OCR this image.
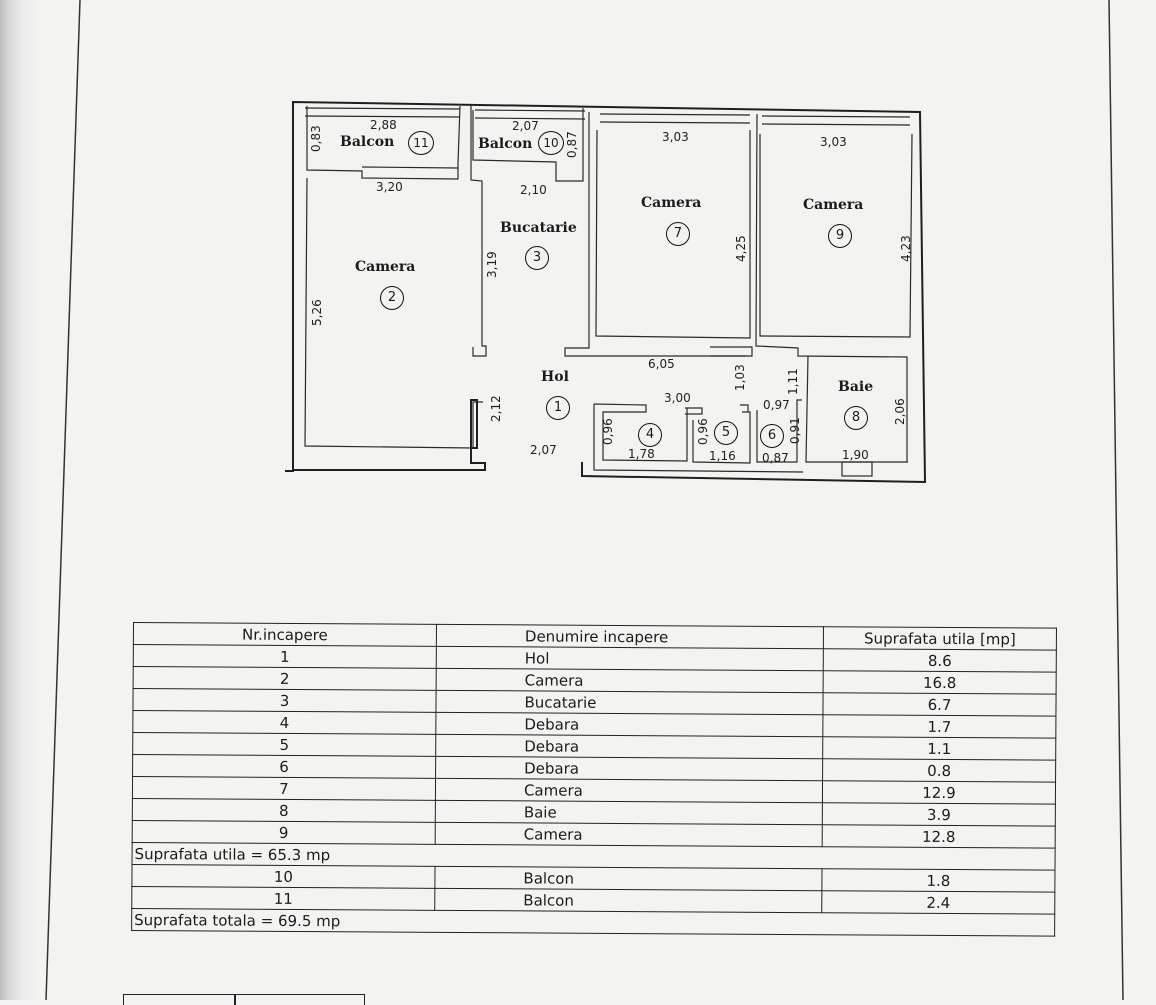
2,88
0,83
3,20
2,07
0,87
2,10
3,03	3,03
3,19
4,25	4,23
5,26
6,05
1,03	1,11
3,00	0,97	2,06
2,12
0,96
1,78
0,96
1,16
0,91
0,87	1,90
2,07
Hol
Camera
Bucatarie
Camera
Baie
Camera
Balcon
Balcon
1
2
3
4	5	6
7
8
9
10
11
Nr.incapere	Denumire incapere	Suprafata utila [mp]
1	Hol	8.6
2	Camera	16.8
3	Bucatarie	6.7
4	Debara	1.7
5	Debara	1.1
6	Debara	0.8
7	Camera	12.9
8	Baie	3.9
9	Camera	12.8
Suprafata utila = 65.3 mp		
10	Balcon	1.8
11	Balcon	2.4
Suprafata totala = 69.5 mp		
